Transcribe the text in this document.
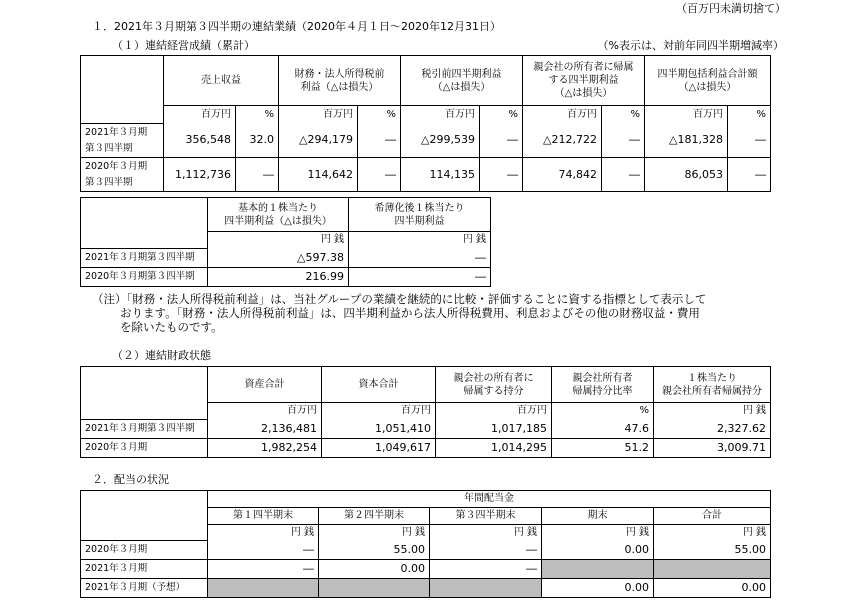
（百万円未満切捨て）
１．2021年３月期第３四半期の連結業績（2020年４月１日～2020年12月31日）
（１）連結経営成績（累計）	（%表示は、対前年同四半期増減率）
	売上収益		財務・法人所得税前
利益（△は損失）		税引前四半期利益
（△は損失）		親会社の所有者に帰属
する四半期利益
（△は損失）		四半期包括利益合計額
（△は損失）	
	百万円	%	百万円	%	百万円	%	百万円	%	百万円	%
2021年３月期
第３四半期	356,548	32.0	△294,179	―	△299,539	―	△212,722	―	△181,328	―
2020年３月期
第３四半期	1,112,736	―	114,642	―	114,135	―	74,842	―	86,053	―
	基本的１株当たり
四半期利益（△は損失）	希薄化後１株当たり
四半期利益
	円 銭	円 銭
2021年３月期第３四半期	△597.38	―
2020年３月期第３四半期	216.99	―
（注）「財務・法人所得税前利益」は、当社グループの業績を継続的に比較・評価することに資する指標として表示して
おります。「財務・法人所得税前利益」は、四半期利益から法人所得税費用、利息およびその他の財務収益・費用
を除いたものです。
（２）連結財政状態
	資産合計	資本合計	親会社の所有者に
帰属する持分	親会社所有者
帰属持分比率	１株当たり
親会社所有者帰属持分
	百万円	百万円	百万円	%	円 銭
2021年３月期第３四半期	2,136,481	1,051,410	1,017,185	47.6	2,327.62
2020年３月期	1,982,254	1,049,617	1,014,295	51.2	3,009.71
２．配当の状況
	年間配当金				
	第１四半期末	第２四半期末	第３四半期末	期末	合計
	円 銭	円 銭	円 銭	円 銭	円 銭
2020年３月期	―	55.00	―	0.00	55.00
2021年３月期	―	0.00	―		
2021年３月期（予想）				0.00	0.00
